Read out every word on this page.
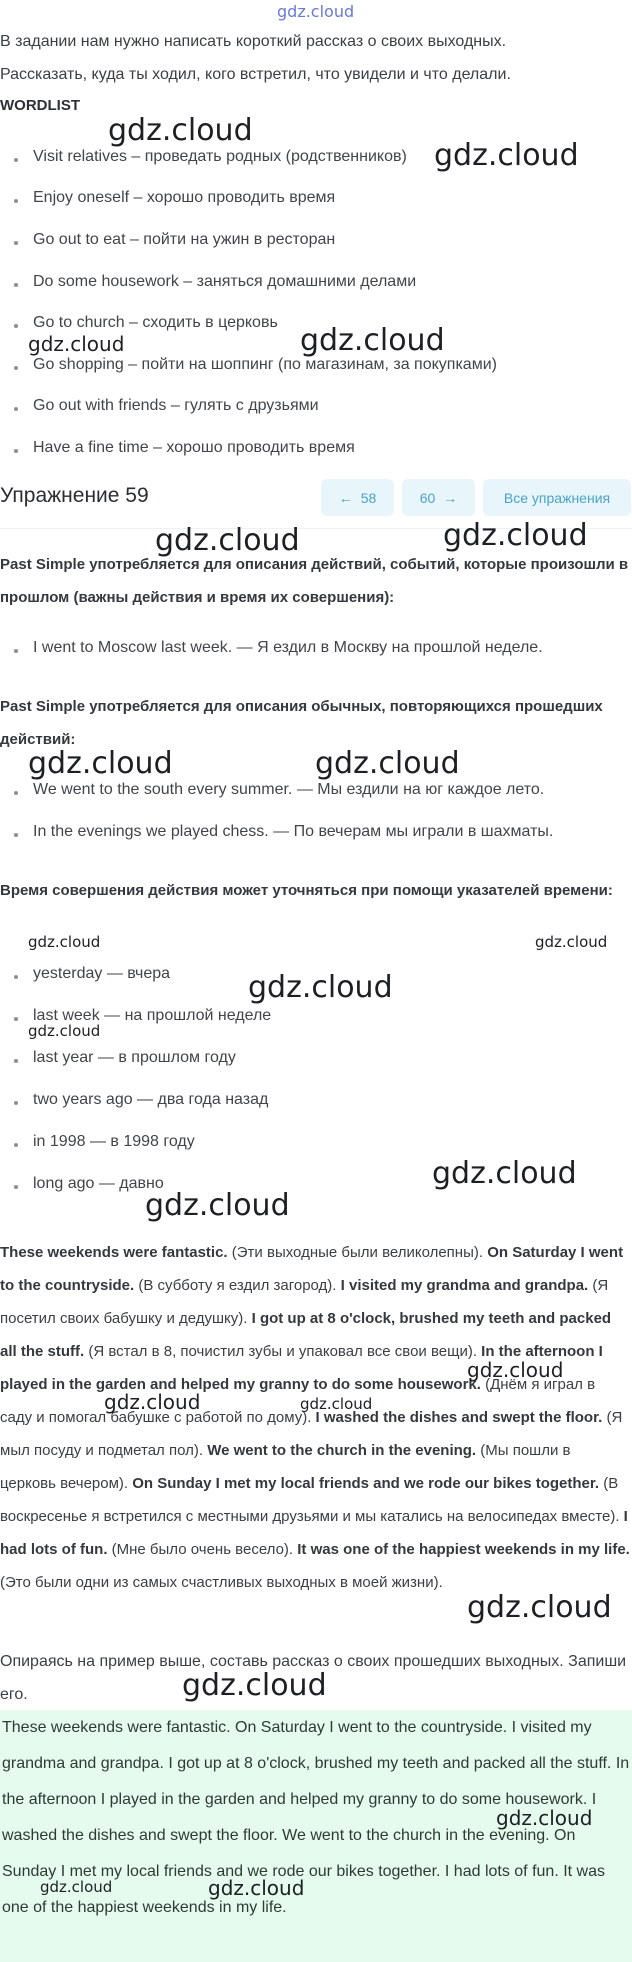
gdz.cloud
gdz.cloud
gdz.cloud
gdz.cloud	gdz.cloud
gdz.cloud	gdz.cloud
gdz.cloud	gdz.cloud
gdz.cloud	gdz.cloud
gdz.cloud
gdz.cloud
gdz.cloud
gdz.cloud
gdz.cloud
gdz.cloud	gdz.cloud
gdz.cloud
gdz.cloud
gdz.cloud
gdz.cloud	gdz.cloud

В задании нам нужно написать короткий рассказ о своих выходных.

Рассказать, куда ты ходил, кого встретил, что увидели и что делали.

WORDLIST
Visit relatives – проведать родных (родственников)
Enjoy oneself – хорошо проводить время
Go out to eat – пойти на ужин в ресторан
Do some housework – заняться домашними делами
Go to church – сходить в церковь
Go shopping – пойти на шоппинг (по магазинам, за покупками)
Go out with friends – гулять с друзьями
Have a fine time – хорошо проводить время
Упражнение 59	← 58	60 →	Все упражнения

Past Simple употребляется для описания действий, событий, которые произошли в прошлом (важны действия и время их совершения):

I went to Moscow last week. — Я ездил в Москву на прошлой неделе.

Past Simple употребляется для описания обычных, повторяющихся прошедших действий:

We went to the south every summer. — Мы ездили на юг каждое лето.
In the evenings we played chess. — По вечерам мы играли в шахматы.

Время совершения действия может уточняться при помощи указателей времени:

yesterday — вчера
last week — на прошлой неделе
last year — в прошлом году
two years ago — два года назад
in 1998 — в 1998 году
long ago — давно

These weekends were fantastic. (Эти выходные были великолепны). On Saturday I went to the countryside. (В субботу я ездил загород). I visited my grandma and grandpa. (Я посетил своих бабушку и дедушку). I got up at 8 o'clock, brushed my teeth and packed all the stuff. (Я встал в 8, почистил зубы и упаковал все свои вещи). In the afternoon I played in the garden and helped my granny to do some housework. (Днём я играл в саду и помогал бабушке с работой по дому). I washed the dishes and swept the floor. (Я мыл посуду и подметал пол). We went to the church in the evening. (Мы пошли в церковь вечером). On Sunday I met my local friends and we rode our bikes together. (В воскресенье я встретился с местными друзьями и мы катались на велосипедах вместе). I had lots of fun. (Мне было очень весело). It was one of the happiest weekends in my life. (Это были одни из самых счастливых выходных в моей жизни).

Опираясь на пример выше, составь рассказ о своих прошедших выходных. Запиши его.

These weekends were fantastic. On Saturday I went to the countryside. I visited my grandma and grandpa. I got up at 8 o'clock, brushed my teeth and packed all the stuff. In the afternoon I played in the garden and helped my granny to do some housework. I washed the dishes and swept the floor. We went to the church in the evening. On Sunday I met my local friends and we rode our bikes together. I had lots of fun. It was one of the happiest weekends in my life.
